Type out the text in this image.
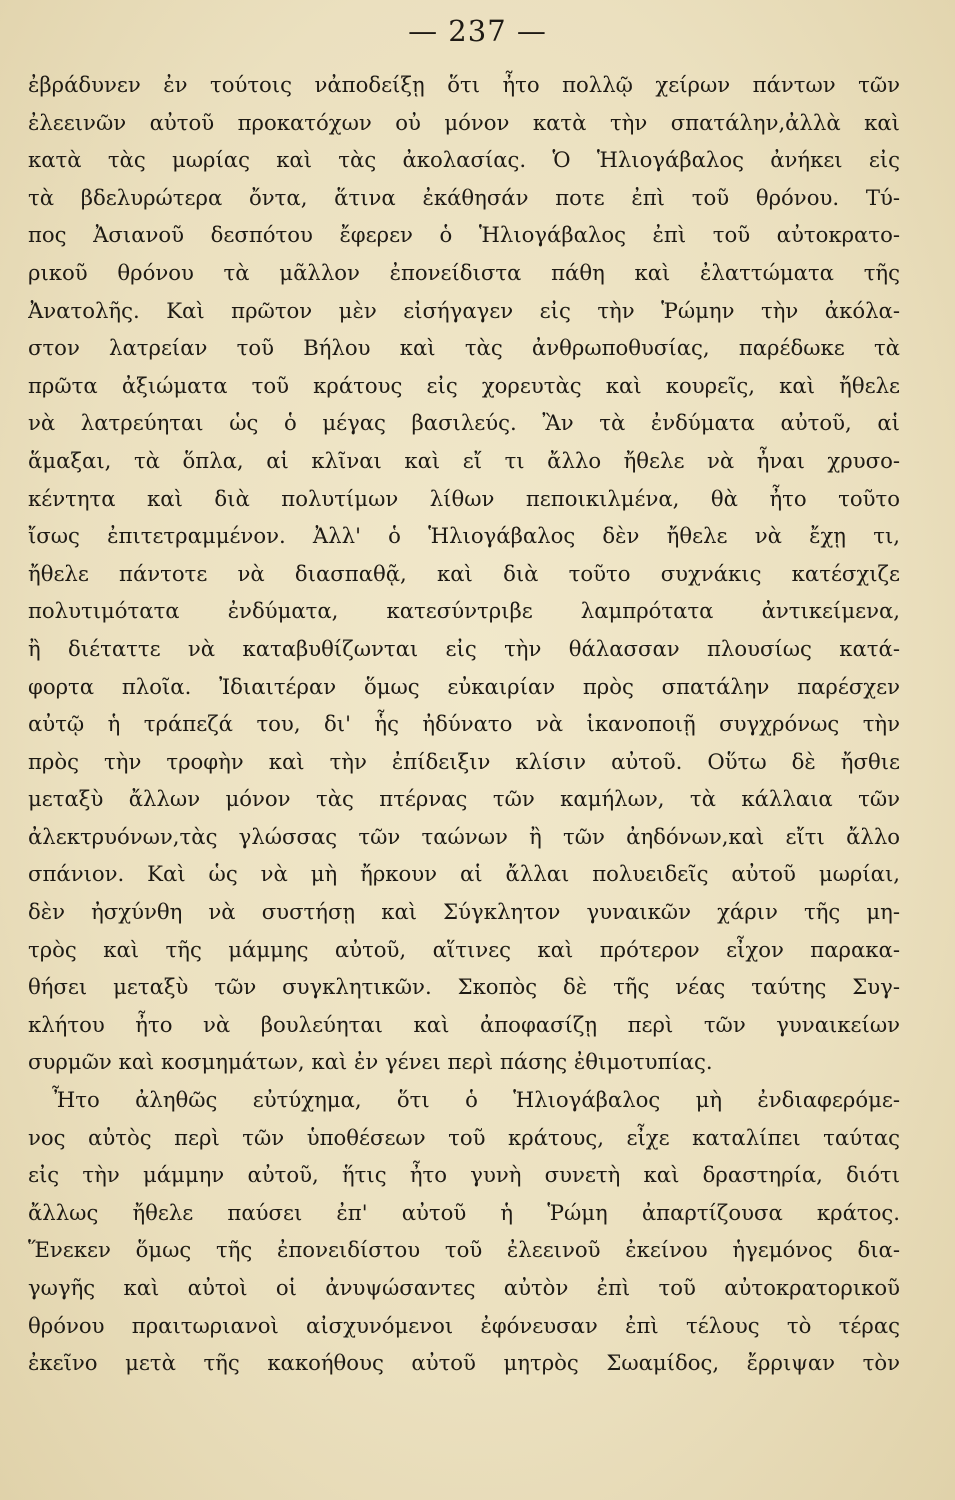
— 237 —
ἐβράδυνεν ἐν τούτοις νἀποδείξῃ ὅτι ἦτο πολλῷ χείρων πάντων τῶν
ἐλεεινῶν αὐτοῦ προκατόχων οὐ μόνον κατὰ τὴν σπατάλην,ἀλλὰ καὶ
κατὰ τὰς μωρίας καὶ τὰς ἀκολασίας. Ὁ Ἡλιογάβαλος ἀνήκει εἰς
τὰ βδελυρώτερα ὄντα, ἅτινα ἐκάθησάν ποτε ἐπὶ τοῦ θρόνου. Τύ-
πος Ἀσιανοῦ δεσπότου ἔφερεν ὁ Ἡλιογάβαλος ἐπὶ τοῦ αὐτοκρατο-
ρικοῦ θρόνου τὰ μᾶλλον ἐπονείδιστα πάθη καὶ ἐλαττώματα τῆς
Ἀνατολῆς. Καὶ πρῶτον μὲν εἰσήγαγεν εἰς τὴν Ῥώμην τὴν ἀκόλα-
στον λατρείαν τοῦ Βήλου καὶ τὰς ἀνθρωποθυσίας, παρέδωκε τὰ
πρῶτα ἀξιώματα τοῦ κράτους εἰς χορευτὰς καὶ κουρεῖς, καὶ ἤθελε
νὰ λατρεύηται ὡς ὁ μέγας βασιλεύς. Ἂν τὰ ἐνδύματα αὐτοῦ, αἱ
ἅμαξαι, τὰ ὅπλα, αἱ κλῖναι καὶ εἴ τι ἄλλο ἤθελε νὰ ἦναι χρυσο-
κέντητα καὶ διὰ πολυτίμων λίθων πεποικιλμένα, θὰ ἦτο τοῦτο
ἴσως ἐπιτετραμμένον. Ἀλλ' ὁ Ἡλιογάβαλος δὲν ἤθελε νὰ ἔχῃ τι,
ἤθελε πάντοτε νὰ διασπαθᾷ, καὶ διὰ τοῦτο συχνάκις κατέσχιζε
πολυτιμότατα ἐνδύματα, κατεσύντριβε λαμπρότατα ἀντικείμενα,
ἢ διέταττε νὰ καταβυθίζωνται εἰς τὴν θάλασσαν πλουσίως κατά-
φορτα πλοῖα. Ἰδιαιτέραν ὅμως εὐκαιρίαν πρὸς σπατάλην παρέσχεν
αὐτῷ ἡ τράπεζά του, δι' ἧς ἠδύνατο νὰ ἱκανοποιῇ συγχρόνως τὴν
πρὸς τὴν τροφὴν καὶ τὴν ἐπίδειξιν κλίσιν αὐτοῦ. Οὕτω δὲ ἤσθιε
μεταξὺ ἄλλων μόνον τὰς πτέρνας τῶν καμήλων, τὰ κάλλαια τῶν
ἀλεκτρυόνων,τὰς γλώσσας τῶν ταώνων ἢ τῶν ἀηδόνων,καὶ εἴτι ἄλλο
σπάνιον. Καὶ ὡς νὰ μὴ ἤρκουν αἱ ἄλλαι πολυειδεῖς αὐτοῦ μωρίαι,
δὲν ἠσχύνθη νὰ συστήσῃ καὶ Σύγκλητον γυναικῶν χάριν τῆς μη-
τρὸς καὶ τῆς μάμμης αὐτοῦ, αἵτινες καὶ πρότερον εἶχον παρακα-
θήσει μεταξὺ τῶν συγκλητικῶν. Σκοπὸς δὲ τῆς νέας ταύτης Συγ-
κλήτου ἦτο νὰ βουλεύηται καὶ ἀποφασίζῃ περὶ τῶν γυναικείων
συρμῶν καὶ κοσμημάτων, καὶ ἐν γένει περὶ πάσης ἐθιμοτυπίας.
Ἦτο ἀληθῶς εὐτύχημα, ὅτι ὁ Ἡλιογάβαλος μὴ ἐνδιαφερόμε-
νος αὐτὸς περὶ τῶν ὑποθέσεων τοῦ κράτους, εἶχε καταλίπει ταύτας
εἰς τὴν μάμμην αὐτοῦ, ἥτις ἦτο γυνὴ συνετὴ καὶ δραστηρία, διότι
ἄλλως ἤθελε παύσει ἐπ' αὐτοῦ ἡ Ῥώμη ἀπαρτίζουσα κράτος.
Ἕνεκεν ὅμως τῆς ἐπονειδίστου τοῦ ἐλεεινοῦ ἐκείνου ἡγεμόνος δια-
γωγῆς καὶ αὐτοὶ οἱ ἀνυψώσαντες αὐτὸν ἐπὶ τοῦ αὐτοκρατορικοῦ
θρόνου πραιτωριανοὶ αἰσχυνόμενοι ἐφόνευσαν ἐπὶ τέλους τὸ τέρας
ἐκεῖνο μετὰ τῆς κακοήθους αὐτοῦ μητρὸς Σωαμίδος, ἔρριψαν τὸν
